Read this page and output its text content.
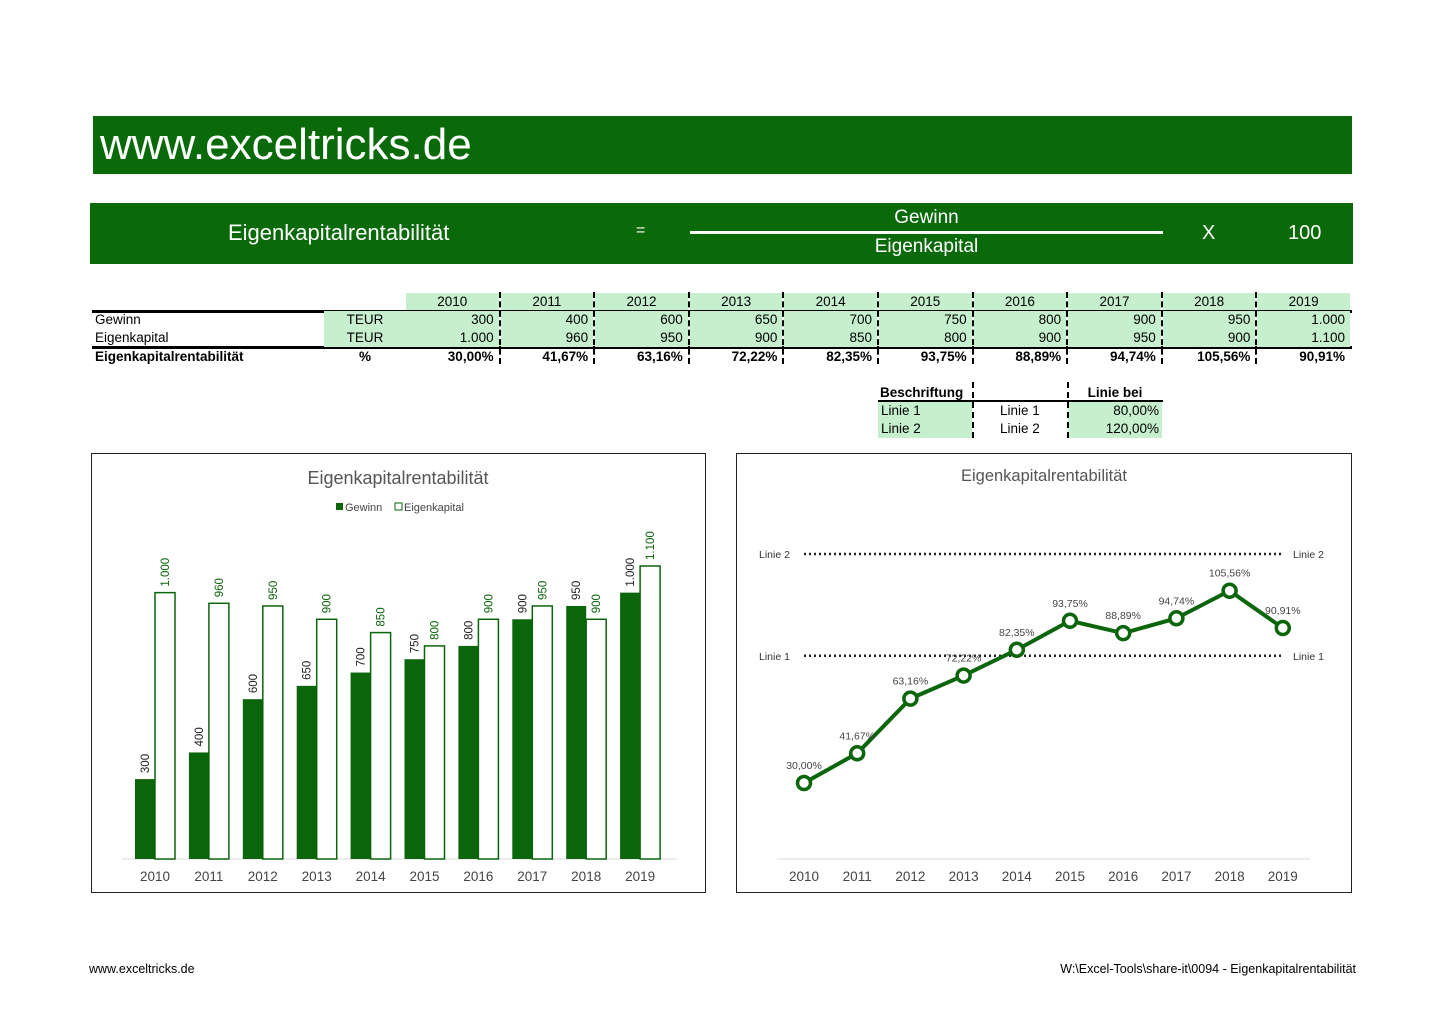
www.exceltricks.de
Eigenkapitalrentabilität	=
Gewinn
Eigenkapital
X	100
2010	2011	2012	2013	2014	2015	2016	2017	2018	2019
Gewinn	TEUR	300	400	600	650	700	750	800	900	950	1.000
Eigenkapital	TEUR	1.000	960	950	900	850	800	900	950	900	1.100
Eigenkapitalrentabilität	%	30,00%	41,67%	63,16%	72,22%	82,35%	93,75%	88,89%	94,74%	105,56%	90,91%
Beschriftung	Linie bei
Linie 1	Linie 1	80,00%
Linie 2	Linie 2	120,00%
Eigenkapitalrentabilität
Gewinn Eigenkapital
300
1.000
2010
400
960
2011
600
950
2012
650
900
2013
700
850
2014
750
800
2015
800
900
2016
900
950
2017
950
900
2018
1.000
1.100
2019
Eigenkapitalrentabilität
Linie 1	Linie 1
Linie 2	Linie 2
30,00%
2010
41,67%
2011
63,16%
2012
72,22%
2013
82,35%
2014
93,75%
2015
88,89%
2016
94,74%
2017
105,56%
2018
90,91%
2019
www.exceltricks.de	W:\Excel-Tools\share-it\0094 - Eigenkapitalrentabilität
